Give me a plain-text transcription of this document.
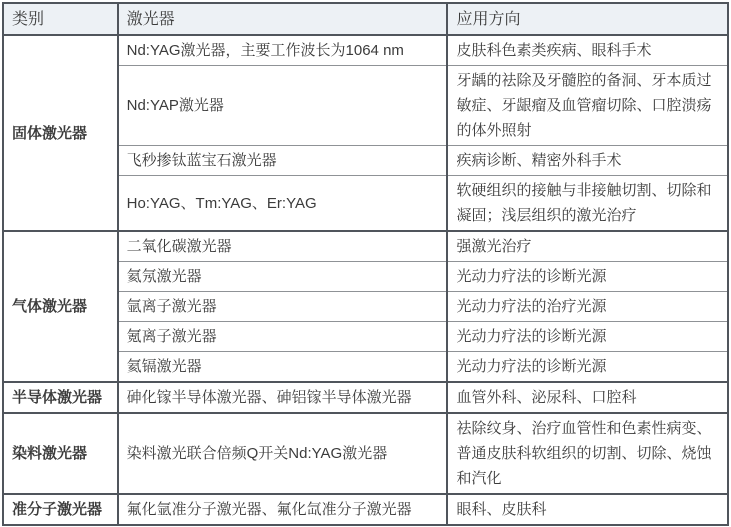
类别	激光器	应用方向
固体激光器	Nd:YAG激光器，主要工作波长为1064 nm	皮肤科色素类疾病、眼科手术
	Nd:YAP激光器	牙龋的祛除及牙髓腔的备洞、牙本质过敏症、牙龈瘤及血管瘤切除、口腔溃疡的体外照射
	飞秒掺钛蓝宝石激光器	疾病诊断、精密外科手术
	Ho:YAG、Tm:YAG、Er:YAG	软硬组织的接触与非接触切割、切除和凝固；浅层组织的激光治疗
气体激光器	二氧化碳激光器	强激光治疗
	氦氖激光器	光动力疗法的诊断光源
	氩离子激光器	光动力疗法的治疗光源
	氪离子激光器	光动力疗法的诊断光源
	氦镉激光器	光动力疗法的诊断光源
半导体激光器	砷化镓半导体激光器、砷铝镓半导体激光器	血管外科、泌尿科、口腔科
染料激光器	染料激光联合倍频Q开关Nd:YAG激光器	祛除纹身、治疗血管性和色素性病变、普通皮肤科软组织的切割、切除、烧蚀和汽化
准分子激光器	氟化氩准分子激光器、氟化氙准分子激光器	眼科、皮肤科
